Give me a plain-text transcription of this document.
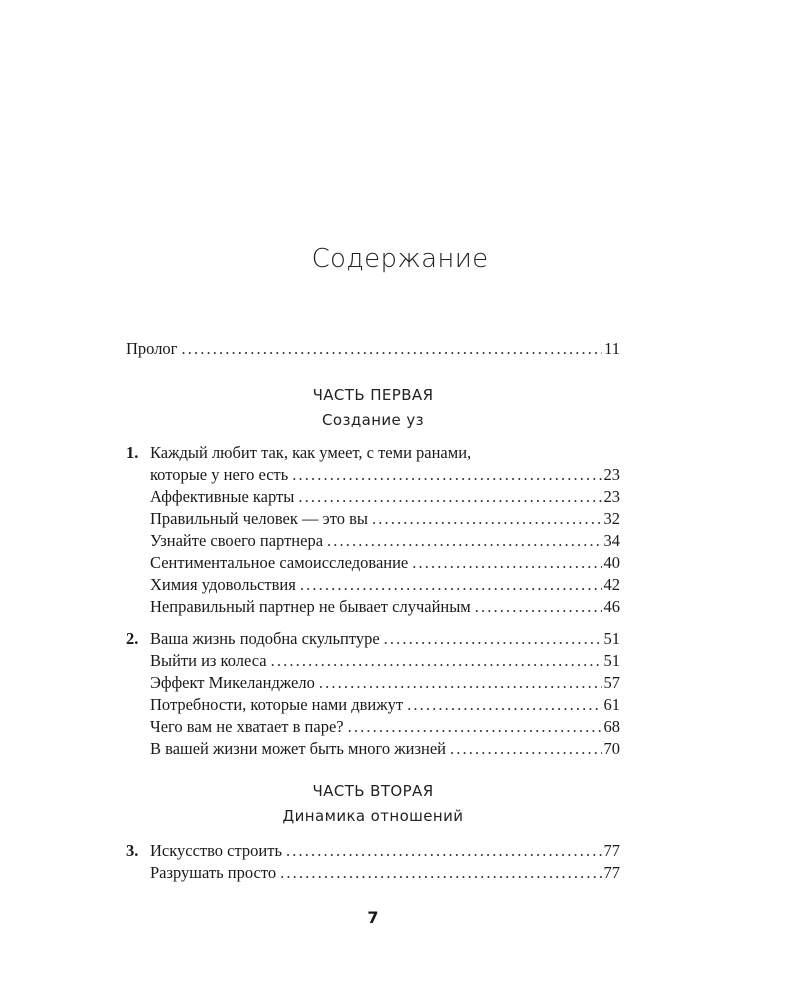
Содержание
Пролог . . .	11
ЧАСТЬ ПЕРВАЯ
Создание уз
1. Каждый любит так, как умеет, с теми ранами,
которые у него есть . . .	23
Аффективные карты . . .	23
Правильный человек — это вы . . .	32
Узнайте своего партнера . . .	34
Сентиментальное самоисследование . . .	40
Химия удовольствия . . .	42
Неправильный партнер не бывает случайным . . .	46
2. Ваша жизнь подобна скульптуре . . .	51
Выйти из колеса . . .	51
Эффект Микеланджело . . .	57
Потребности, которые нами движут . . .	61
Чего вам не хватает в паре? . . .	68
В вашей жизни может быть много жизней . . .	70
ЧАСТЬ ВТОРАЯ
Динамика отношений
3. Искусство строить . . .	77
Разрушать просто . . .	77
7
